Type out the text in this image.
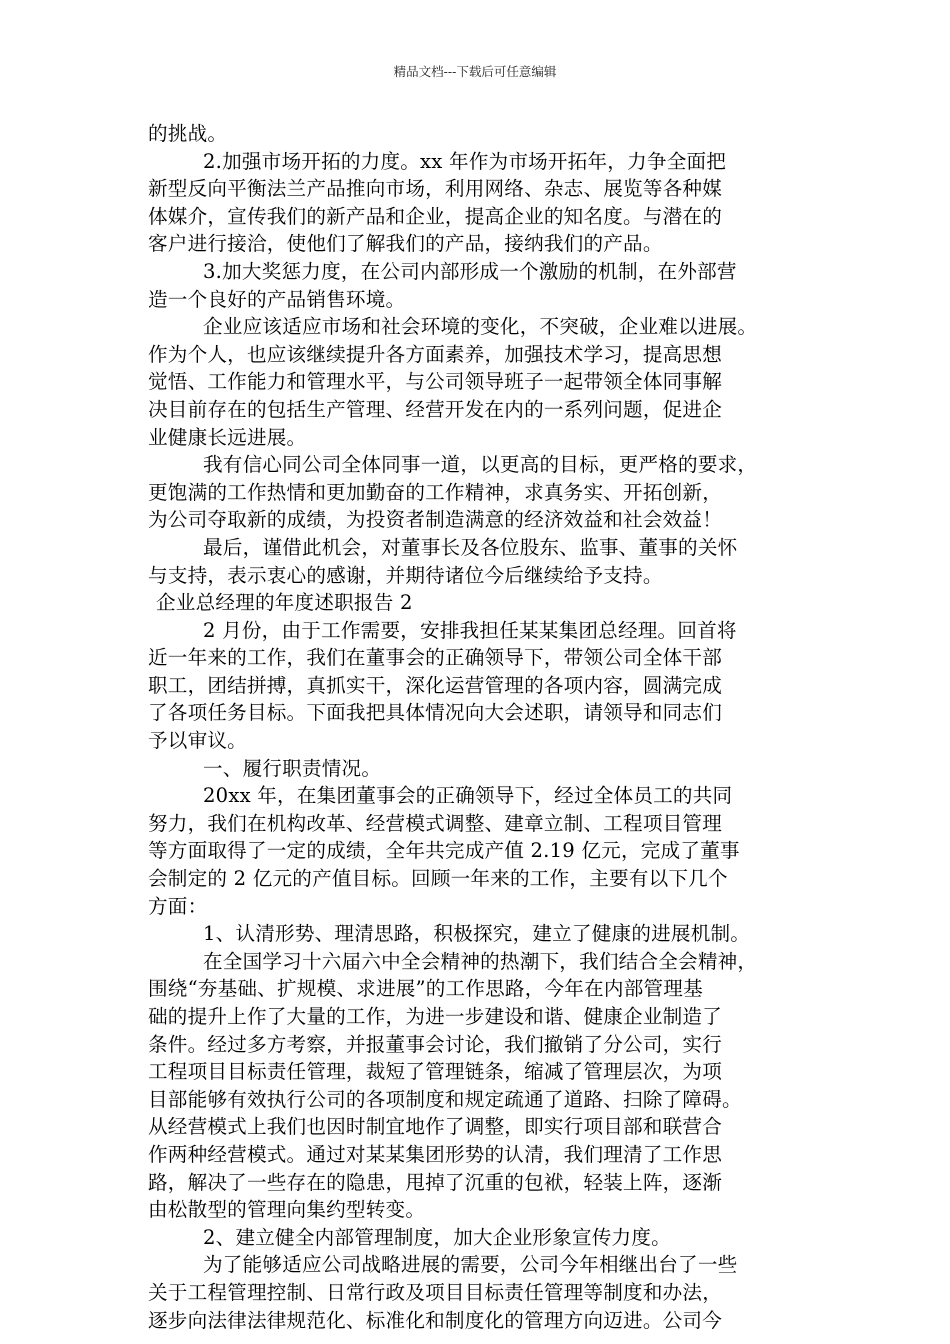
精品文档---下载后可任意编辑

的挑战。

2.加强市场开拓的力度。xx 年作为市场开拓年，力争全面把

新型反向平衡法兰产品推向市场，利用网络、杂志、展览等各种媒

体媒介，宣传我们的新产品和企业，提高企业的知名度。与潜在的

客户进行接洽，使他们了解我们的产品，接纳我们的产品。

3.加大奖惩力度，在公司内部形成一个激励的机制，在外部营

造一个良好的产品销售环境。

企业应该适应市场和社会环境的变化，不突破，企业难以进展。

作为个人，也应该继续提升各方面素养，加强技术学习，提高思想

觉悟、工作能力和管理水平，与公司领导班子一起带领全体同事解

决目前存在的包括生产管理、经营开发在内的一系列问题，促进企

业健康长远进展。

我有信心同公司全体同事一道，以更高的目标，更严格的要求，

更饱满的工作热情和更加勤奋的工作精神，求真务实、开拓创新，

为公司夺取新的成绩，为投资者制造满意的经济效益和社会效益！

最后，谨借此机会，对董事长及各位股东、监事、董事的关怀

与支持，表示衷心的感谢，并期待诸位今后继续给予支持。

企业总经理的年度述职报告 2

2 月份，由于工作需要，安排我担任某某集团总经理。回首将

近一年来的工作，我们在董事会的正确领导下，带领公司全体干部

职工，团结拼搏，真抓实干，深化运营管理的各项内容，圆满完成

了各项任务目标。下面我把具体情况向大会述职，请领导和同志们

予以审议。

一、履行职责情况。

20xx 年，在集团董事会的正确领导下，经过全体员工的共同

努力，我们在机构改革、经营模式调整、建章立制、工程项目管理

等方面取得了一定的成绩，全年共完成产值 2.19 亿元，完成了董事

会制定的 2 亿元的产值目标。回顾一年来的工作，主要有以下几个

方面：

1、认清形势、理清思路，积极探究，建立了健康的进展机制。

在全国学习十六届六中全会精神的热潮下，我们结合全会精神，

围绕“夯基础、扩规模、求进展”的工作思路，今年在内部管理基

础的提升上作了大量的工作，为进一步建设和谐、健康企业制造了

条件。经过多方考察，并报董事会讨论，我们撤销了分公司，实行

工程项目目标责任管理，裁短了管理链条，缩减了管理层次，为项

目部能够有效执行公司的各项制度和规定疏通了道路、扫除了障碍。

从经营模式上我们也因时制宜地作了调整，即实行项目部和联营合

作两种经营模式。通过对某某集团形势的认清，我们理清了工作思

路，解决了一些存在的隐患，甩掉了沉重的包袱，轻装上阵，逐渐

由松散型的管理向集约型转变。

2、建立健全内部管理制度，加大企业形象宣传力度。

为了能够适应公司战略进展的需要，公司今年相继出台了一些

关于工程管理控制、日常行政及项目目标责任管理等制度和办法，

逐步向法律法律规范化、标准化和制度化的管理方向迈进。公司今
